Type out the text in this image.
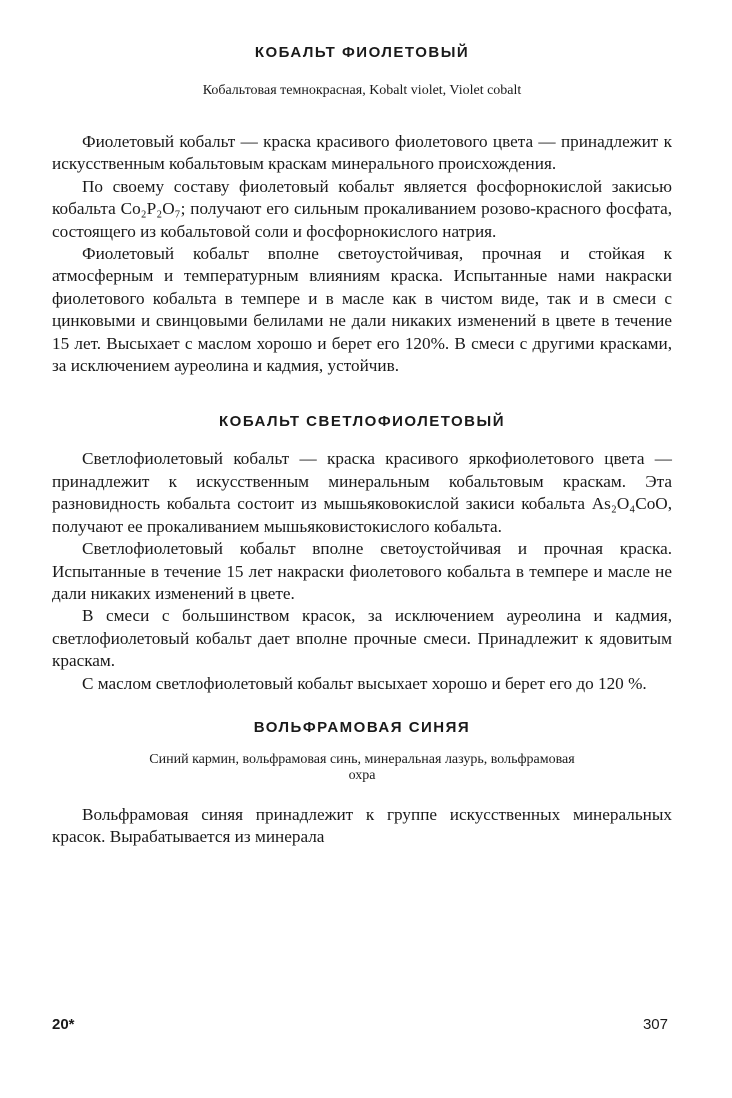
КОБАЛЬТ ФИОЛЕТОВЫЙ

Кобальтовая темнокрасная, Kobalt violet, Violet cobalt

Фиолетовый кобальт — краска красивого фиолетового цвета — принадлежит к искусственным кобальтовым краскам минерального происхождения.

По своему составу фиолетовый кобальт является фосфорнокислой закисью кобальта Co₂P₂O₇; получают его сильным прокаливанием розово-красного фосфата, состоящего из кобальтовой соли и фосфорнокислого натрия.

Фиолетовый кобальт вполне светоустойчивая, прочная и стойкая к атмосферным и температурным влияниям краска. Испытанные нами накраски фиолетового кобальта в темпере и в масле как в чистом виде, так и в смеси с цинковыми и свинцовыми белилами не дали никаких изменений в цвете в течение 15 лет. Высыхает с маслом хорошо и берет его 120%. В смеси с другими красками, за исключением ауреолина и кадмия, устойчив.

КОБАЛЬТ СВЕТЛОФИОЛЕТОВЫЙ

Светлофиолетовый кобальт — краска красивого яркофиолетового цвета — принадлежит к искусственным минеральным кобальтовым краскам. Эта разновидность кобальта состоит из мышьяковокислой закиси кобальта As₂O₄CoO, получают ее прокаливанием мышьяковистокислого кобальта.

Светлофиолетовый кобальт вполне светоустойчивая и прочная краска. Испытанные в течение 15 лет накраски фиолетового кобальта в темпере и масле не дали никаких изменений в цвете.

В смеси с большинством красок, за исключением ауреолина и кадмия, светлофиолетовый кобальт дает вполне прочные смеси. Принадлежит к ядовитым краскам.

С маслом светлофиолетовый кобальт высыхает хорошо и берет его до 120 %.

ВОЛЬФРАМОВАЯ СИНЯЯ

Синий кармин, вольфрамовая синь, минеральная лазурь, вольфрамовая охра

Вольфрамовая синяя принадлежит к группе искусственных минеральных красок. Вырабатывается из минерала

20*	307
